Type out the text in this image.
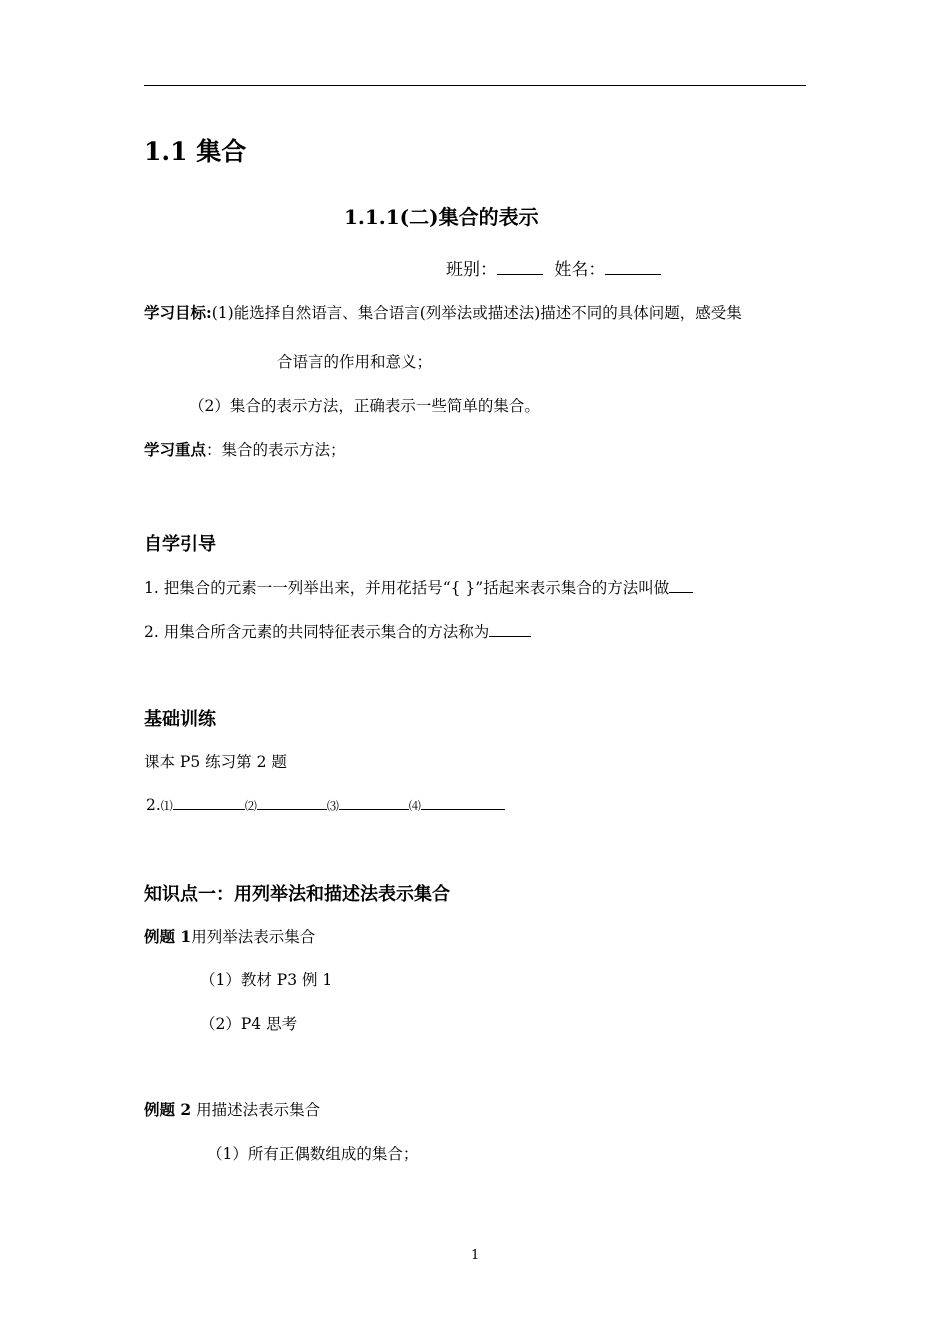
1.1 集合
1.1.1(二)集合的表示
班别：	姓名：
学习目标:(1)能选择自然语言、集合语言(列举法或描述法)描述不同的具体问题，感受集
合语言的作用和意义；
（2）集合的表示方法，正确表示一些简单的集合。
学习重点：集合的表示方法；
自学引导
1. 把集合的元素一一列举出来，并用花括号“{ }”括起来表示集合的方法叫做
2. 用集合所含元素的共同特征表示集合的方法称为
基础训练
课本 P5 练习第 2 题
2.⑴	⑵	⑶	⑷
知识点一：用列举法和描述法表示集合
例题 1用列举法表示集合
（1）教材 P3 例 1
（2）P4 思考
例题 2 用描述法表示集合
（1）所有正偶数组成的集合；
1
